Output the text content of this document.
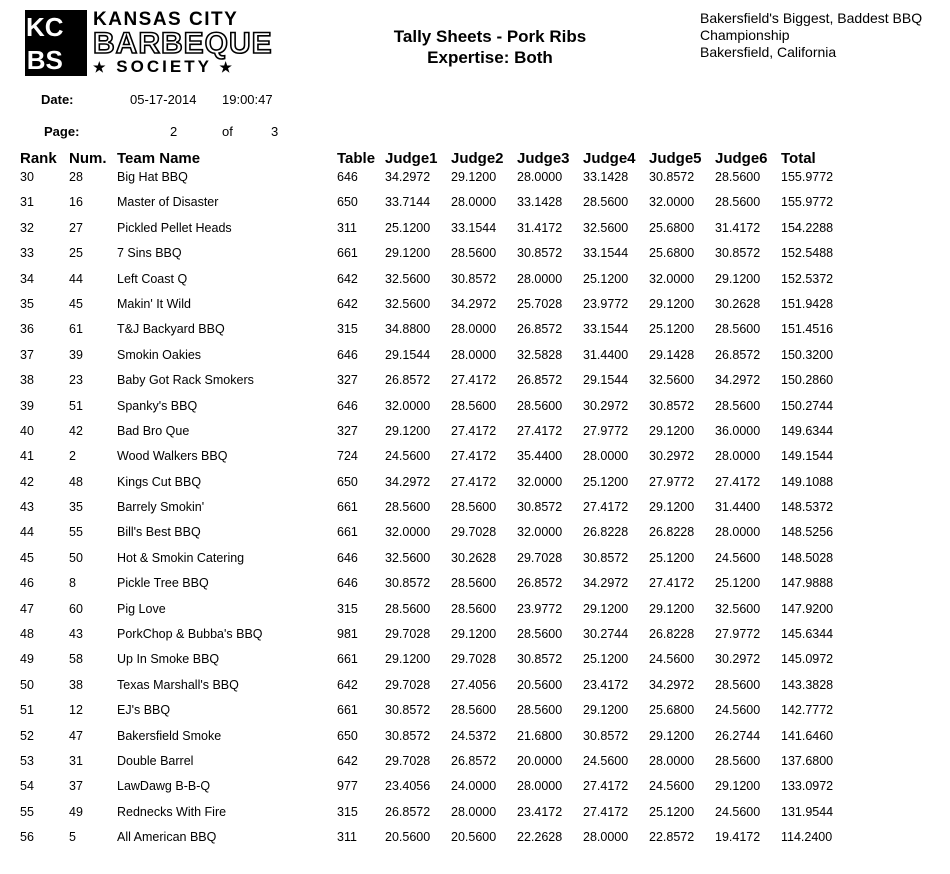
KC
BS
KANSAS CITY
BARBEQUE
★ SOCIETY ★
Tally Sheets - Pork Ribs
Expertise: Both
Bakersfield's Biggest, Baddest BBQ
Championship
Bakersfield, California
Date:	05-17-2014 19:00:47
Page:	2	of	3
Rank	Num.	Team Name	Table	Judge1	Judge2	Judge3	Judge4	Judge5	Judge6	Total
30	28	Big Hat BBQ	646	34.2972	29.1200	28.0000	33.1428	30.8572	28.5600	155.9772
31	16	Master of Disaster	650	33.7144	28.0000	33.1428	28.5600	32.0000	28.5600	155.9772
32	27	Pickled Pellet Heads	311	25.1200	33.1544	31.4172	32.5600	25.6800	31.4172	154.2288
33	25	7 Sins BBQ	661	29.1200	28.5600	30.8572	33.1544	25.6800	30.8572	152.5488
34	44	Left Coast Q	642	32.5600	30.8572	28.0000	25.1200	32.0000	29.1200	152.5372
35	45	Makin' It Wild	642	32.5600	34.2972	25.7028	23.9772	29.1200	30.2628	151.9428
36	61	T&J Backyard BBQ	315	34.8800	28.0000	26.8572	33.1544	25.1200	28.5600	151.4516
37	39	Smokin Oakies	646	29.1544	28.0000	32.5828	31.4400	29.1428	26.8572	150.3200
38	23	Baby Got Rack Smokers	327	26.8572	27.4172	26.8572	29.1544	32.5600	34.2972	150.2860
39	51	Spanky's BBQ	646	32.0000	28.5600	28.5600	30.2972	30.8572	28.5600	150.2744
40	42	Bad Bro Que	327	29.1200	27.4172	27.4172	27.9772	29.1200	36.0000	149.6344
41	2	Wood Walkers BBQ	724	24.5600	27.4172	35.4400	28.0000	30.2972	28.0000	149.1544
42	48	Kings Cut BBQ	650	34.2972	27.4172	32.0000	25.1200	27.9772	27.4172	149.1088
43	35	Barrely Smokin'	661	28.5600	28.5600	30.8572	27.4172	29.1200	31.4400	148.5372
44	55	Bill's Best BBQ	661	32.0000	29.7028	32.0000	26.8228	26.8228	28.0000	148.5256
45	50	Hot & Smokin Catering	646	32.5600	30.2628	29.7028	30.8572	25.1200	24.5600	148.5028
46	8	Pickle Tree BBQ	646	30.8572	28.5600	26.8572	34.2972	27.4172	25.1200	147.9888
47	60	Pig Love	315	28.5600	28.5600	23.9772	29.1200	29.1200	32.5600	147.9200
48	43	PorkChop & Bubba's BBQ	981	29.7028	29.1200	28.5600	30.2744	26.8228	27.9772	145.6344
49	58	Up In Smoke BBQ	661	29.1200	29.7028	30.8572	25.1200	24.5600	30.2972	145.0972
50	38	Texas Marshall's BBQ	642	29.7028	27.4056	20.5600	23.4172	34.2972	28.5600	143.3828
51	12	EJ's BBQ	661	30.8572	28.5600	28.5600	29.1200	25.6800	24.5600	142.7772
52	47	Bakersfield Smoke	650	30.8572	24.5372	21.6800	30.8572	29.1200	26.2744	141.6460
53	31	Double Barrel	642	29.7028	26.8572	20.0000	24.5600	28.0000	28.5600	137.6800
54	37	LawDawg B-B-Q	977	23.4056	24.0000	28.0000	27.4172	24.5600	29.1200	133.0972
55	49	Rednecks With Fire	315	26.8572	28.0000	23.4172	27.4172	25.1200	24.5600	131.9544
56	5	All American BBQ	311	20.5600	20.5600	22.2628	28.0000	22.8572	19.4172	114.2400
